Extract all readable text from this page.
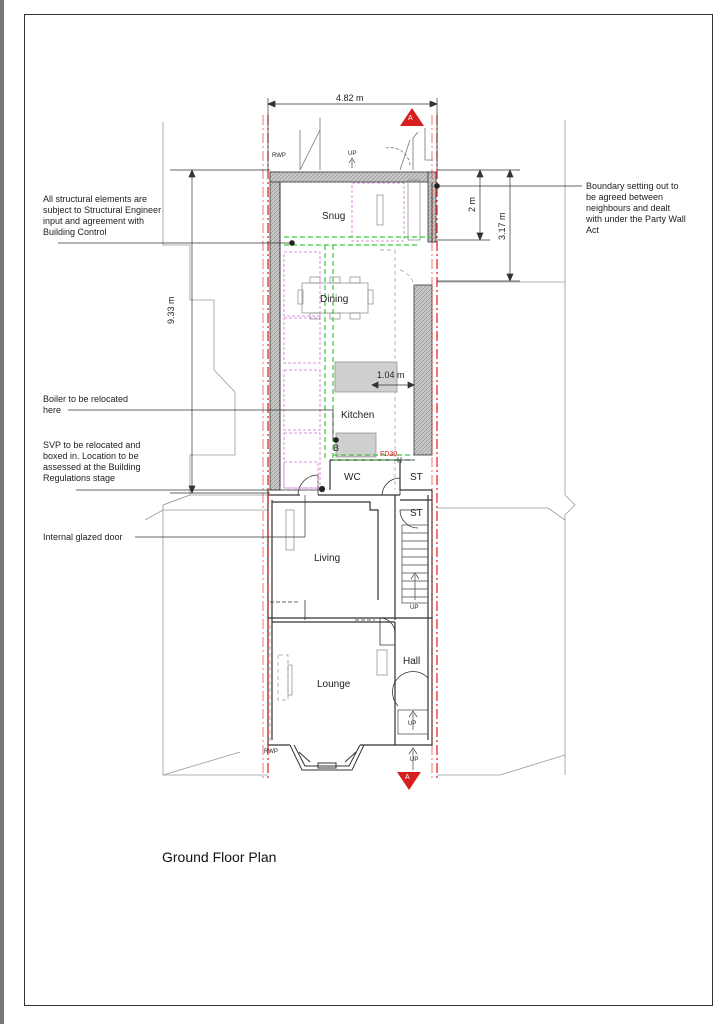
Snug
Dining
Kitchen
WC	ST
ST
Living
Lounge
Hall
4.82 m
9.33 m
2 m
3.17 m
1.04 m
RWP
RWP
UP
UP
UP
UP
B
FD30
A
A
All structural elements are subject to Structural Engineer input and agreement with Building Control
Boundary setting out to be agreed between neighbours and dealt with under the Party Wall Act
Boiler to be relocated here
SVP to be relocated and boxed in. Location to be assessed at the Building Regulations stage
Internal glazed door
Ground Floor Plan
